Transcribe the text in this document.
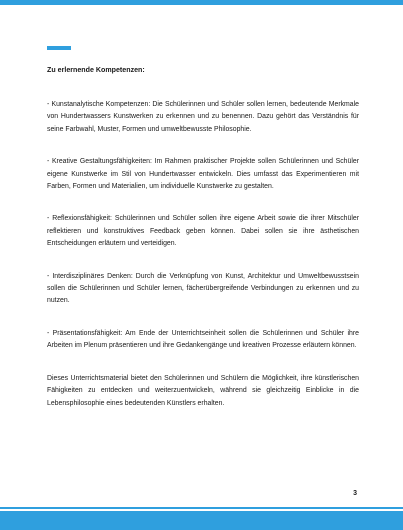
Zu erlernende Kompetenzen:

- Kunstanalytische Kompetenzen: Die Schülerinnen und Schüler sollen lernen, bedeutende Merkmale von Hundertwassers Kunstwerken zu erkennen und zu benennen. Dazu gehört das Verständnis für seine Farbwahl, Muster, Formen und umweltbewusste Philosophie.

- Kreative Gestaltungsfähigkeiten: Im Rahmen praktischer Projekte sollen Schülerinnen und Schüler eigene Kunstwerke im Stil von Hundertwasser entwickeln. Dies umfasst das Experimentieren mit Farben, Formen und Materialien, um individuelle Kunstwerke zu gestalten.

- Reflexionsfähigkeit: Schülerinnen und Schüler sollen ihre eigene Arbeit sowie die ihrer Mitschüler reflektieren und konstruktives Feedback geben können. Dabei sollen sie ihre ästhetischen Entscheidungen erläutern und verteidigen.

- Interdisziplinäres Denken: Durch die Verknüpfung von Kunst, Architektur und Umweltbewusstsein sollen die Schülerinnen und Schüler lernen, fächerübergreifende Verbindungen zu erkennen und zu nutzen.

- Präsentationsfähigkeit: Am Ende der Unterrichtseinheit sollen die Schülerinnen und Schüler ihre Arbeiten im Plenum präsentieren und ihre Gedankengänge und kreativen Prozesse erläutern können.

Dieses Unterrichtsmaterial bietet den Schülerinnen und Schülern die Möglichkeit, ihre künstlerischen Fähigkeiten zu entdecken und weiterzuentwickeln, während sie gleichzeitig Einblicke in die Lebensphilosophie eines bedeutenden Künstlers erhalten.

3
